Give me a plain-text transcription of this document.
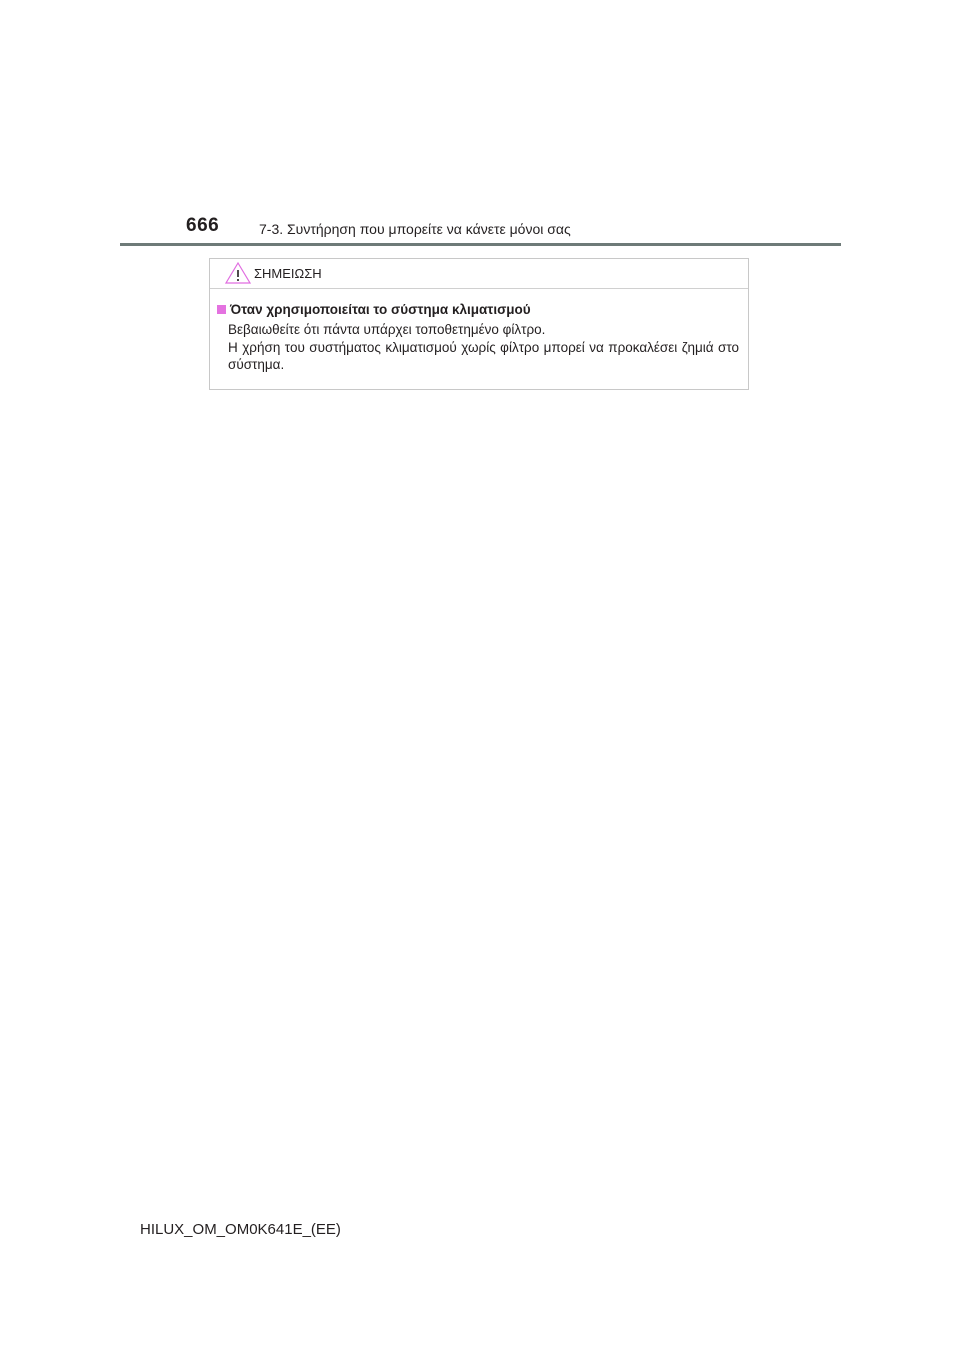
666	7-3. Συντήρηση που μπορείτε να κάνετε μόνοι σας
ΣΗΜΕΙΩΣΗ
Όταν χρησιμοποιείται το σύστημα κλιματισμού
Βεβαιωθείτε ότι πάντα υπάρχει τοποθετημένο φίλτρο.
Η χρήση του συστήματος κλιματισμού χωρίς φίλτρο μπορεί να προκαλέσει ζημιά στο σύστημα.
HILUX_OM_OM0K641E_(EE)
